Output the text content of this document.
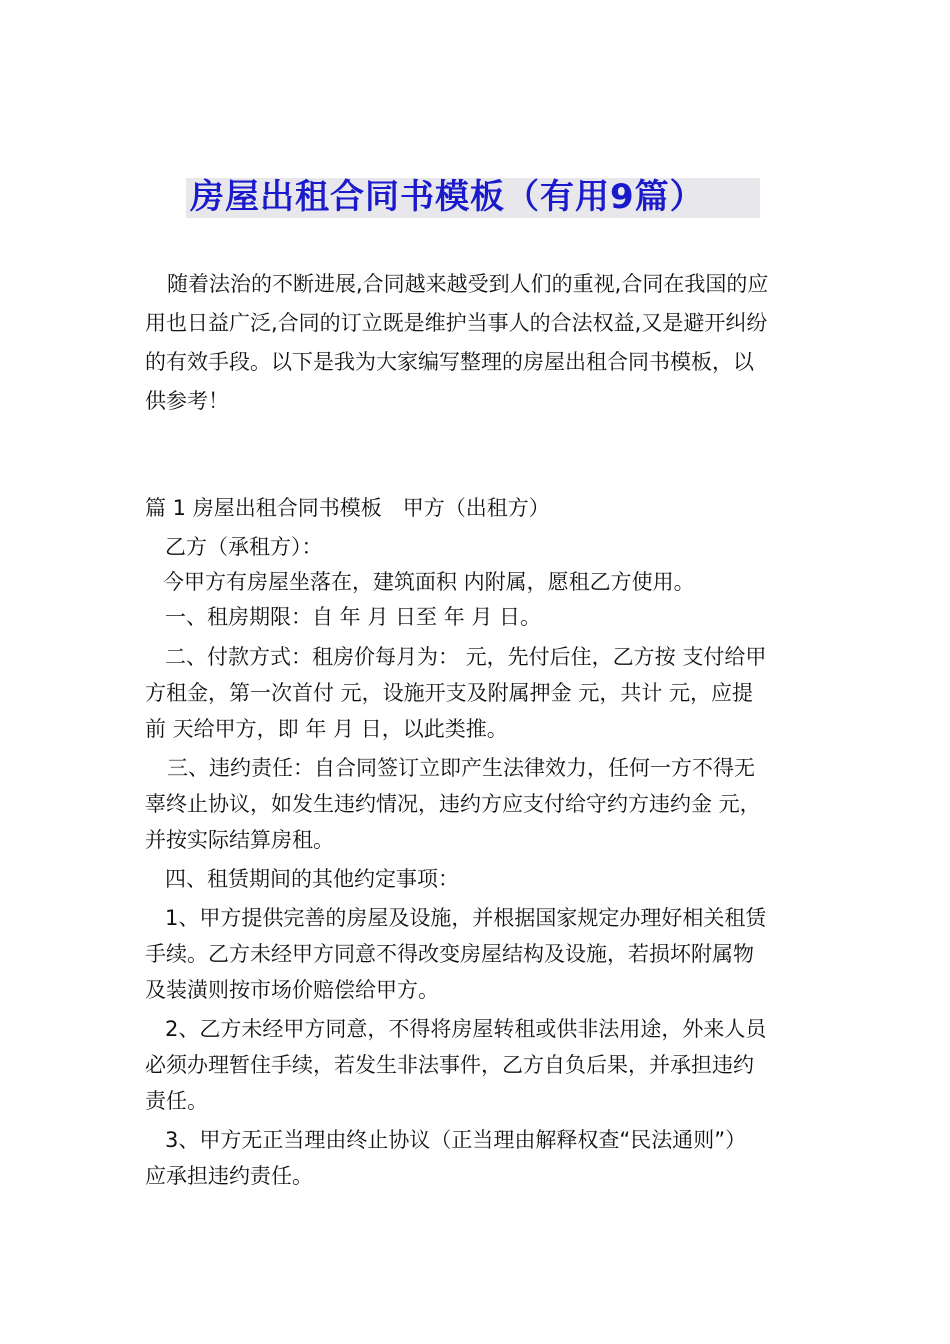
房屋出租合同书模板（有用9篇）
随着法治的不断进展,合同越来越受到人们的重视,合同在我国的应
用也日益广泛,合同的订立既是维护当事人的合法权益,又是避开纠纷
的有效手段。以下是我为大家编写整理的房屋出租合同书模板，以
供参考！
篇 1 房屋出租合同书模板　甲方（出租方）
乙方（承租方）：
今甲方有房屋坐落在，建筑面积 内附属，愿租乙方使用。
一、租房期限：自 年 月 日至 年 月 日。
二、付款方式：租房价每月为： 元，先付后住，乙方按 支付给甲
方租金，第一次首付 元，设施开支及附属押金 元，共计 元，应提
前 天给甲方，即 年 月 日，以此类推。
三、违约责任：自合同签订立即产生法律效力，任何一方不得无
辜终止协议，如发生违约情况，违约方应支付给守约方违约金 元，
并按实际结算房租。
四、租赁期间的其他约定事项：
1、甲方提供完善的房屋及设施，并根据国家规定办理好相关租赁
手续。乙方未经甲方同意不得改变房屋结构及设施，若损坏附属物
及装潢则按市场价赔偿给甲方。
2、乙方未经甲方同意，不得将房屋转租或供非法用途，外来人员
必须办理暂住手续，若发生非法事件，乙方自负后果，并承担违约
责任。
3、甲方无正当理由终止协议（正当理由解释权查“民法通则”）
应承担违约责任。
